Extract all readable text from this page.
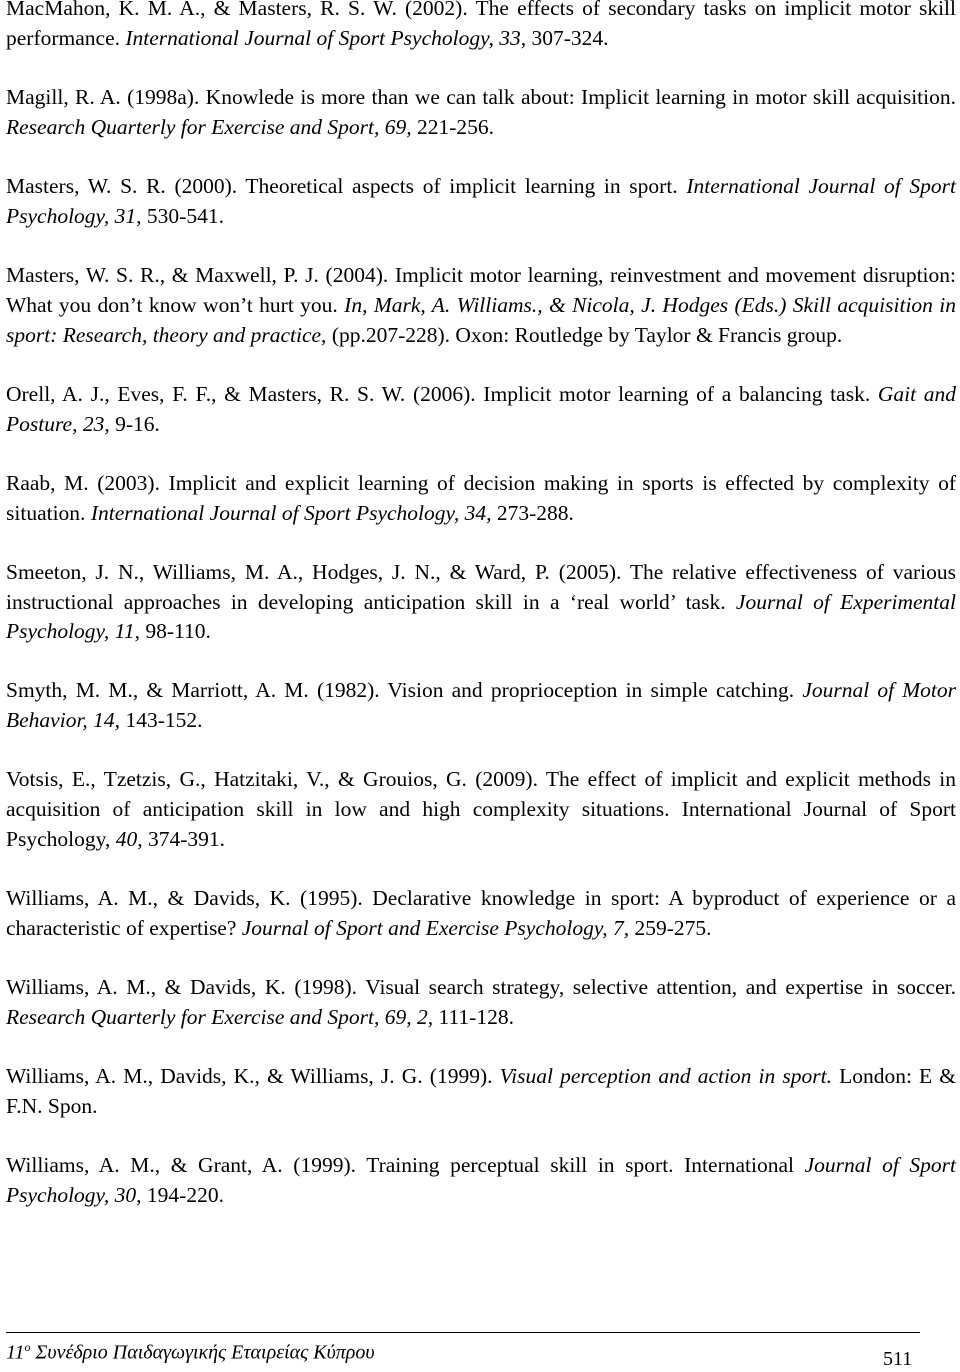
MacMahon, K. M. A., & Masters, R. S. W. (2002). The effects of secondary tasks on implicit motor skill performance. International Journal of Sport Psychology, 33, 307-324.

Magill, R. A. (1998a). Knowlede is more than we can talk about: Implicit learning in motor skill acquisition. Research Quarterly for Exercise and Sport, 69, 221-256.

Masters, W. S. R. (2000). Theoretical aspects of implicit learning in sport. International Journal of Sport Psychology, 31, 530-541.

Masters, W. S. R., & Maxwell, P. J. (2004). Implicit motor learning, reinvestment and movement disruption: What you don’t know won’t hurt you. In, Mark, A. Williams., & Nicola, J. Hodges (Eds.) Skill acquisition in sport: Research, theory and practice, (pp.207-228). Oxon: Routledge by Taylor & Francis group.

Orell, A. J., Eves, F. F., & Masters, R. S. W. (2006). Implicit motor learning of a balancing task. Gait and Posture, 23, 9-16.

Raab, M. (2003). Implicit and explicit learning of decision making in sports is effected by complexity of situation. International Journal of Sport Psychology, 34, 273-288.

Smeeton, J. N., Williams, M. A., Hodges, J. N., & Ward, P. (2005). The relative effectiveness of various instructional approaches in developing anticipation skill in a ‘real world’ task. Journal of Experimental Psychology, 11, 98-110.

Smyth, M. M., & Marriott, A. M. (1982). Vision and proprioception in simple catching. Journal of Motor Behavior, 14, 143-152.

Votsis, E., Tzetzis, G., Hatzitaki, V., & Grouios, G. (2009). The effect of implicit and explicit methods in acquisition of anticipation skill in low and high complexity situations. International Journal of Sport Psychology, 40, 374-391.

Williams, A. M., & Davids, K. (1995). Declarative knowledge in sport: A byproduct of experience or a characteristic of expertise? Journal of Sport and Exercise Psychology, 7, 259-275.

Williams, A. M., & Davids, K. (1998). Visual search strategy, selective attention, and expertise in soccer. Research Quarterly for Exercise and Sport, 69, 2, 111-128.

Williams, A. M., Davids, K., & Williams, J. G. (1999). Visual perception and action in sport. London: E & F.N. Spon.

Williams, A. M., & Grant, A. (1999). Training perceptual skill in sport. International Journal of Sport Psychology, 30, 194-220.

$11^o$ Συνέδριο Παιδαγωγικής Εταιρείας Κύπρου	511
